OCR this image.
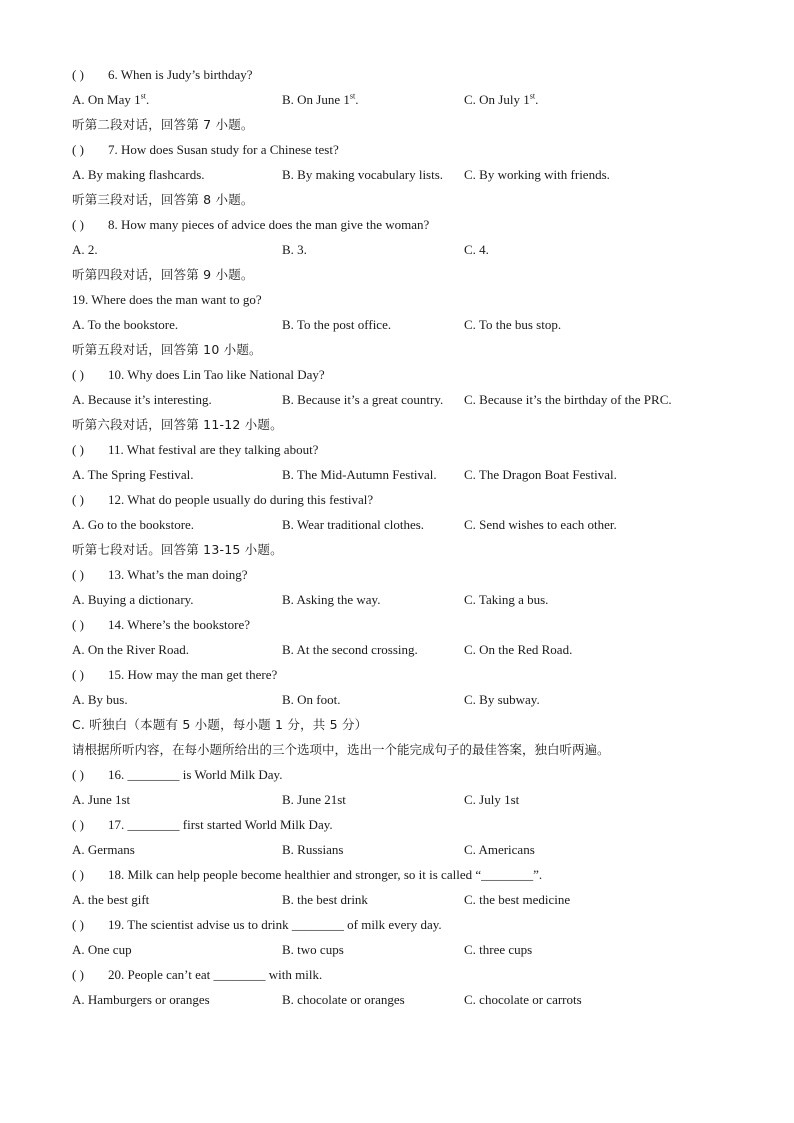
( ) 6. When is Judy’s birthday?
A. On May 1st.	B. On June 1st.	C. On July 1st.
听第二段对话，回答第 7 小题。
( ) 7. How does Susan study for a Chinese test?
A. By making flashcards.	B. By making vocabulary lists. C. By working with friends.
听第三段对话，回答第 8 小题。
( ) 8. How many pieces of advice does the man give the woman?
A. 2.	B. 3.	C. 4.
听第四段对话，回答第 9 小题。
19. Where does the man want to go?
A. To the bookstore.	B. To the post office.	C. To the bus stop.
听第五段对话，回答第 10 小题。
( ) 10. Why does Lin Tao like National Day?
A. Because it’s interesting.	B. Because it’s a great country. C. Because it’s the birthday of the PRC.
听第六段对话，回答第 11-12 小题。
( ) 11. What festival are they talking about?
A. The Spring Festival.	B. The Mid-Autumn Festival. C. The Dragon Boat Festival.
( ) 12. What do people usually do during this festival?
A. Go to the bookstore.	B. Wear traditional clothes.	C. Send wishes to each other.
听第七段对话。回答第 13-15 小题。
( ) 13. What’s the man doing?
A. Buying a dictionary.	B. Asking the way.	C. Taking a bus.
( ) 14. Where’s the bookstore?
A. On the River Road.	B. At the second crossing.	C. On the Red Road.
( ) 15. How may the man get there?
A. By bus.	B. On foot.	C. By subway.
C. 听独白（本题有 5 小题，每小题 1 分，共 5 分）
请根据所听内容，在每小题所给出的三个选项中，选出一个能完成句子的最佳答案，独白听两遍。
( ) 16. ________ is World Milk Day.
A. June 1st	B. June 21st	C. July 1st
( ) 17. ________ first started World Milk Day.
A. Germans	B. Russians	C. Americans
( ) 18. Milk can help people become healthier and stronger, so it is called “________”.
A. the best gift	B. the best drink	C. the best medicine
( ) 19. The scientist advise us to drink ________ of milk every day.
A. One cup	B. two cups	C. three cups
( ) 20. People can’t eat ________ with milk.
A. Hamburgers or oranges	B. chocolate or oranges	C. chocolate or carrots
